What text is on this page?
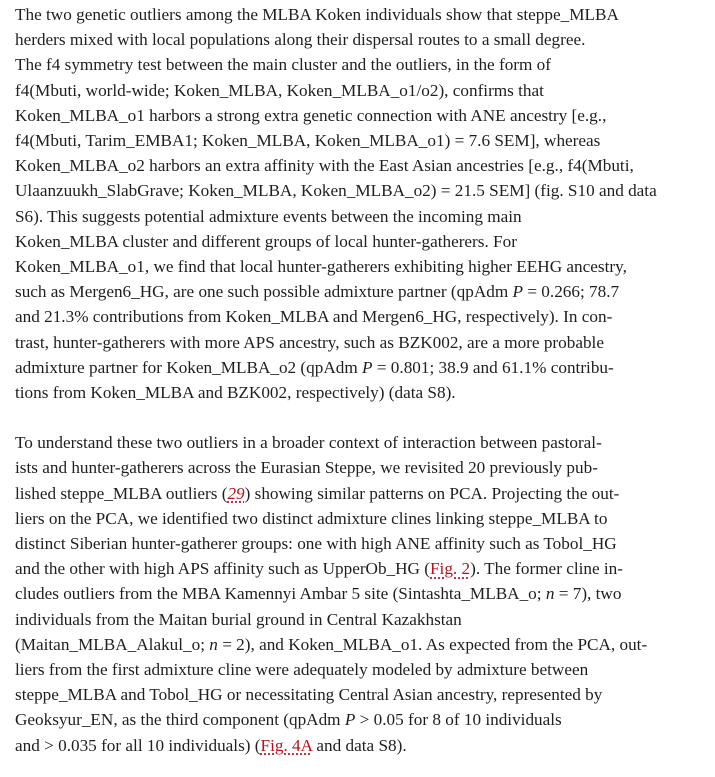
The two genetic outliers among the MLBA Koken individuals show that steppe_MLBA
herders mixed with local populations along their dispersal routes to a small degree.
The f4 symmetry test between the main cluster and the outliers, in the form of
f4(Mbuti, world-wide; Koken_MLBA, Koken_MLBA_o1/o2), confirms that
Koken_MLBA_o1 harbors a strong extra genetic connection with ANE ancestry [e.g.,
f4(Mbuti, Tarim_EMBA1; Koken_MLBA, Koken_MLBA_o1) = 7.6 SEM], whereas
Koken_MLBA_o2 harbors an extra affinity with the East Asian ancestries [e.g., f4(Mbuti,
Ulaanzuukh_SlabGrave; Koken_MLBA, Koken_MLBA_o2) = 21.5 SEM] (fig. S10 and data
S6). This suggests potential admixture events between the incoming main
Koken_MLBA cluster and different groups of local hunter-gatherers. For
Koken_MLBA_o1, we find that local hunter-gatherers exhibiting higher EEHG ancestry,
such as Mergen6_HG, are one such possible admixture partner (qpAdm P = 0.266; 78.7
and 21.3% contributions from Koken_MLBA and Mergen6_HG, respectively). In con-
trast, hunter-gatherers with more APS ancestry, such as BZK002, are a more probable
admixture partner for Koken_MLBA_o2 (qpAdm P = 0.801; 38.9 and 61.1% contribu-
tions from Koken_MLBA and BZK002, respectively) (data S8).

To understand these two outliers in a broader context of interaction between pastoral-
ists and hunter-gatherers across the Eurasian Steppe, we revisited 20 previously pub-
lished steppe_MLBA outliers (29) showing similar patterns on PCA. Projecting the out-
liers on the PCA, we identified two distinct admixture clines linking steppe_MLBA to
distinct Siberian hunter-gatherer groups: one with high ANE affinity such as Tobol_HG
and the other with high APS affinity such as UpperOb_HG (Fig. 2). The former cline in-
cludes outliers from the MBA Kamennyi Ambar 5 site (Sintashta_MLBA_o; n = 7), two
individuals from the Maitan burial ground in Central Kazakhstan
(Maitan_MLBA_Alakul_o; n = 2), and Koken_MLBA_o1. As expected from the PCA, out-
liers from the first admixture cline were adequately modeled by admixture between
steppe_MLBA and Tobol_HG or necessitating Central Asian ancestry, represented by
Geoksyur_EN, as the third component (qpAdm P > 0.05 for 8 of 10 individuals
and > 0.035 for all 10 individuals) (Fig. 4A and data S8).
